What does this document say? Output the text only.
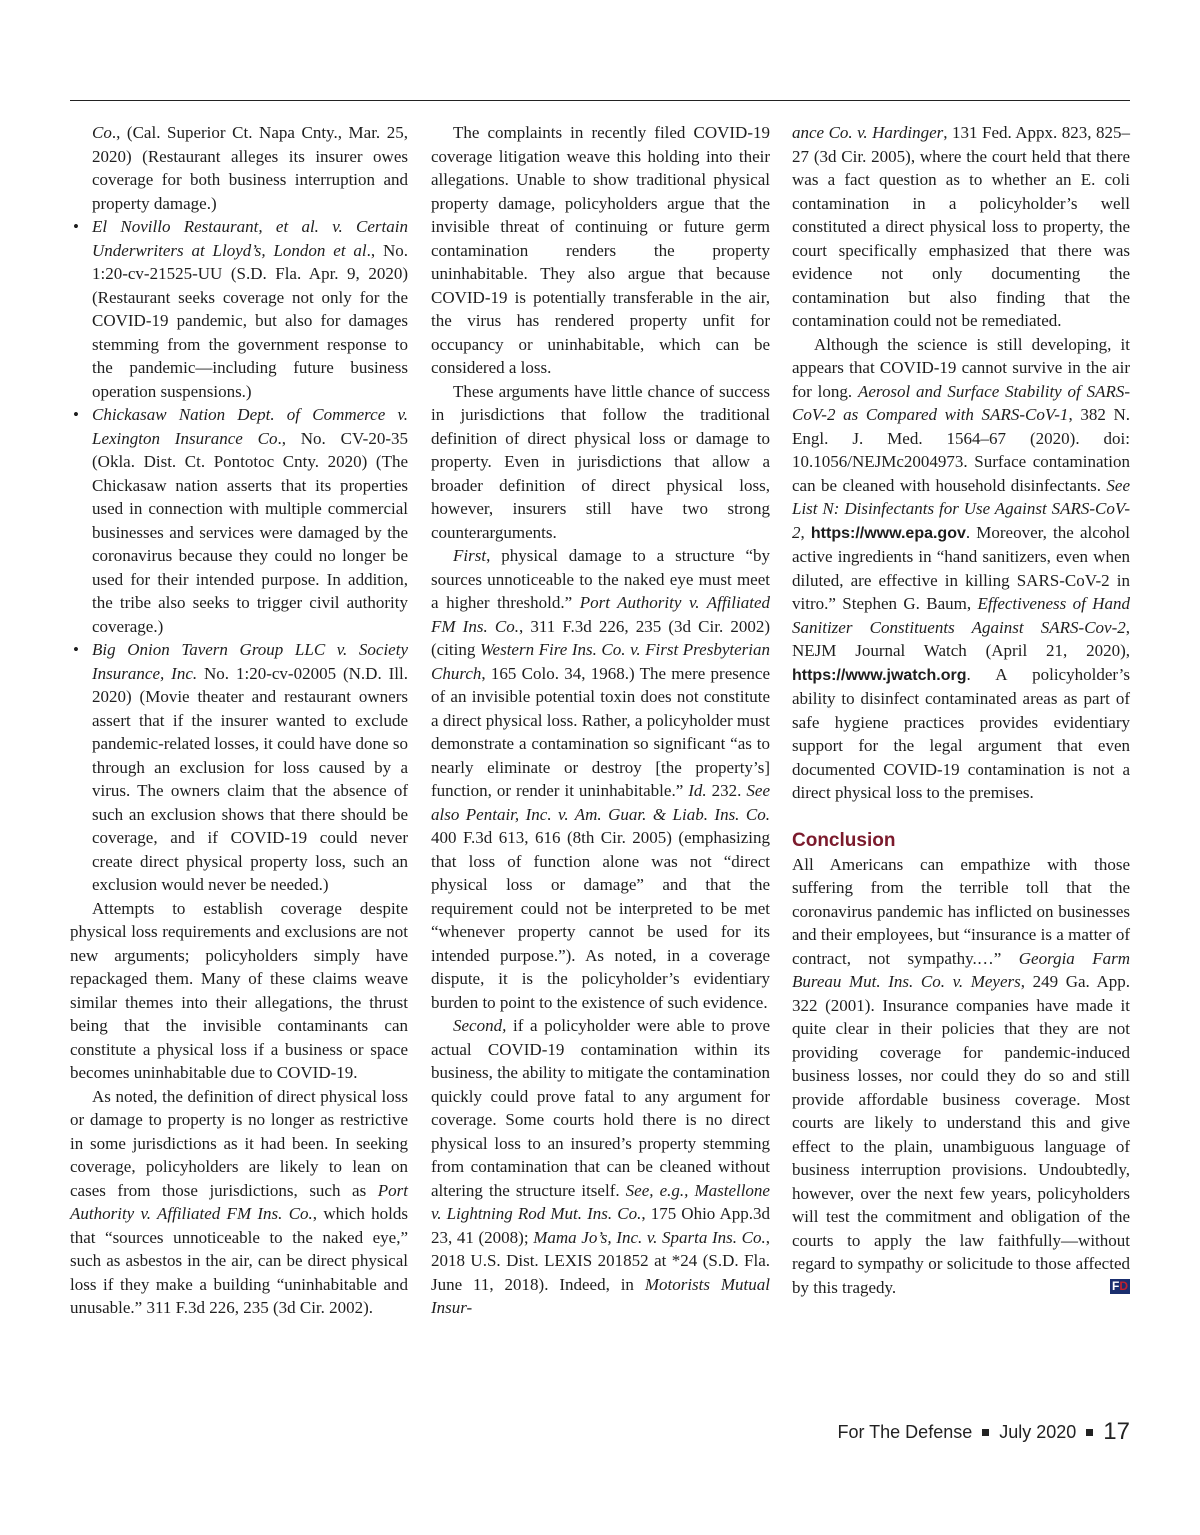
Co., (Cal. Superior Ct. Napa Cnty., Mar. 25, 2020) (Restaurant alleges its insurer owes coverage for both business interruption and property damage.)
• El Novillo Restaurant, et al. v. Certain Underwriters at Lloyd’s, London et al., No. 1:20-cv-21525-UU (S.D. Fla. Apr. 9, 2020) (Restaurant seeks coverage not only for the COVID-19 pandemic, but also for damages stemming from the government response to the pandemic—including future business operation suspensions.)
• Chickasaw Nation Dept. of Commerce v. Lexington Insurance Co., No. CV-20-35 (Okla. Dist. Ct. Pontotoc Cnty. 2020) (The Chickasaw nation asserts that its properties used in connection with multiple commercial businesses and services were damaged by the coronavirus because they could no longer be used for their intended purpose. In addition, the tribe also seeks to trigger civil authority coverage.)
• Big Onion Tavern Group LLC v. Society Insurance, Inc. No. 1:20-cv-02005 (N.D. Ill. 2020) (Movie theater and restaurant owners assert that if the insurer wanted to exclude pandemic-related losses, it could have done so through an exclusion for loss caused by a virus. The owners claim that the absence of such an exclusion shows that there should be coverage, and if COVID-19 could never create direct physical property loss, such an exclusion would never be needed.)

Attempts to establish coverage despite physical loss requirements and exclusions are not new arguments; policyholders simply have repackaged them. Many of these claims weave similar themes into their allegations, the thrust being that the invisible contaminants can constitute a physical loss if a business or space becomes uninhabitable due to COVID-19.

As noted, the definition of direct physical loss or damage to property is no longer as restrictive in some jurisdictions as it had been. In seeking coverage, policyholders are likely to lean on cases from those jurisdictions, such as Port Authority v. Affiliated FM Ins. Co., which holds that “sources unnoticeable to the naked eye,” such as asbestos in the air, can be direct physical loss if they make a building “uninhabitable and unusable.” 311 F.3d 226, 235 (3d Cir. 2002).

The complaints in recently filed COVID-19 coverage litigation weave this holding into their allegations. Unable to show traditional physical property damage, policyholders argue that the invisible threat of continuing or future germ contamination renders the property uninhabitable. They also argue that because COVID-19 is potentially transferable in the air, the virus has rendered property unfit for occupancy or uninhabitable, which can be considered a loss.

These arguments have little chance of success in jurisdictions that follow the traditional definition of direct physical loss or damage to property. Even in jurisdictions that allow a broader definition of direct physical loss, however, insurers still have two strong counterarguments.

First, physical damage to a structure “by sources unnoticeable to the naked eye must meet a higher threshold.” Port Authority v. Affiliated FM Ins. Co., 311 F.3d 226, 235 (3d Cir. 2002) (citing Western Fire Ins. Co. v. First Presbyterian Church, 165 Colo. 34, 1968.) The mere presence of an invisible potential toxin does not constitute a direct physical loss. Rather, a policyholder must demonstrate a contamination so significant “as to nearly eliminate or destroy [the property’s] function, or render it uninhabitable.” Id. 232. See also Pentair, Inc. v. Am. Guar. & Liab. Ins. Co. 400 F.3d 613, 616 (8th Cir. 2005) (emphasizing that loss of function alone was not “direct physical loss or damage” and that the requirement could not be interpreted to be met “whenever property cannot be used for its intended purpose.”). As noted, in a coverage dispute, it is the policyholder’s evidentiary burden to point to the existence of such evidence.

Second, if a policyholder were able to prove actual COVID-19 contamination within its business, the ability to mitigate the contamination quickly could prove fatal to any argument for coverage. Some courts hold there is no direct physical loss to an insured’s property stemming from contamination that can be cleaned without altering the structure itself. See, e.g., Mastellone v. Lightning Rod Mut. Ins. Co., 175 Ohio App.3d 23, 41 (2008); Mama Jo’s, Inc. v. Sparta Ins. Co., 2018 U.S. Dist. LEXIS 201852 at *24 (S.D. Fla. June 11, 2018). Indeed, in Motorists Mutual Insur-

ance Co. v. Hardinger, 131 Fed. Appx. 823, 825–27 (3d Cir. 2005), where the court held that there was a fact question as to whether an E. coli contamination in a policyholder’s well constituted a direct physical loss to property, the court specifically emphasized that there was evidence not only documenting the contamination but also finding that the contamination could not be remediated.

Although the science is still developing, it appears that COVID-19 cannot survive in the air for long. Aerosol and Surface Stability of SARS-CoV-2 as Compared with SARS-CoV-1, 382 N. Engl. J. Med. 1564–67 (2020). doi: 10.1056/NEJMc2004973. Surface contamination can be cleaned with household disinfectants. See List N: Disinfectants for Use Against SARS-CoV-2, https://www.epa.gov. Moreover, the alcohol active ingredients in “hand sanitizers, even when diluted, are effective in killing SARS-CoV-2 in vitro.” Stephen G. Baum, Effectiveness of Hand Sanitizer Constituents Against SARS-Cov-2, NEJM Journal Watch (April 21, 2020), https://www.jwatch.org. A policyholder’s ability to disinfect contaminated areas as part of safe hygiene practices provides evidentiary support for the legal argument that even documented COVID-19 contamination is not a direct physical loss to the premises.

Conclusion

All Americans can empathize with those suffering from the terrible toll that the coronavirus pandemic has inflicted on businesses and their employees, but “insurance is a matter of contract, not sympathy.…” Georgia Farm Bureau Mut. Ins. Co. v. Meyers, 249 Ga. App. 322 (2001). Insurance companies have made it quite clear in their policies that they are not providing coverage for pandemic-induced business losses, nor could they do so and still provide affordable business coverage. Most courts are likely to understand this and give effect to the plain, unambiguous language of business interruption provisions. Undoubtedly, however, over the next few years, policyholders will test the commitment and obligation of the courts to apply the law faithfully—without regard to sympathy or solicitude to those affected by this tragedy.	FD

For The Defense July 2020 17
